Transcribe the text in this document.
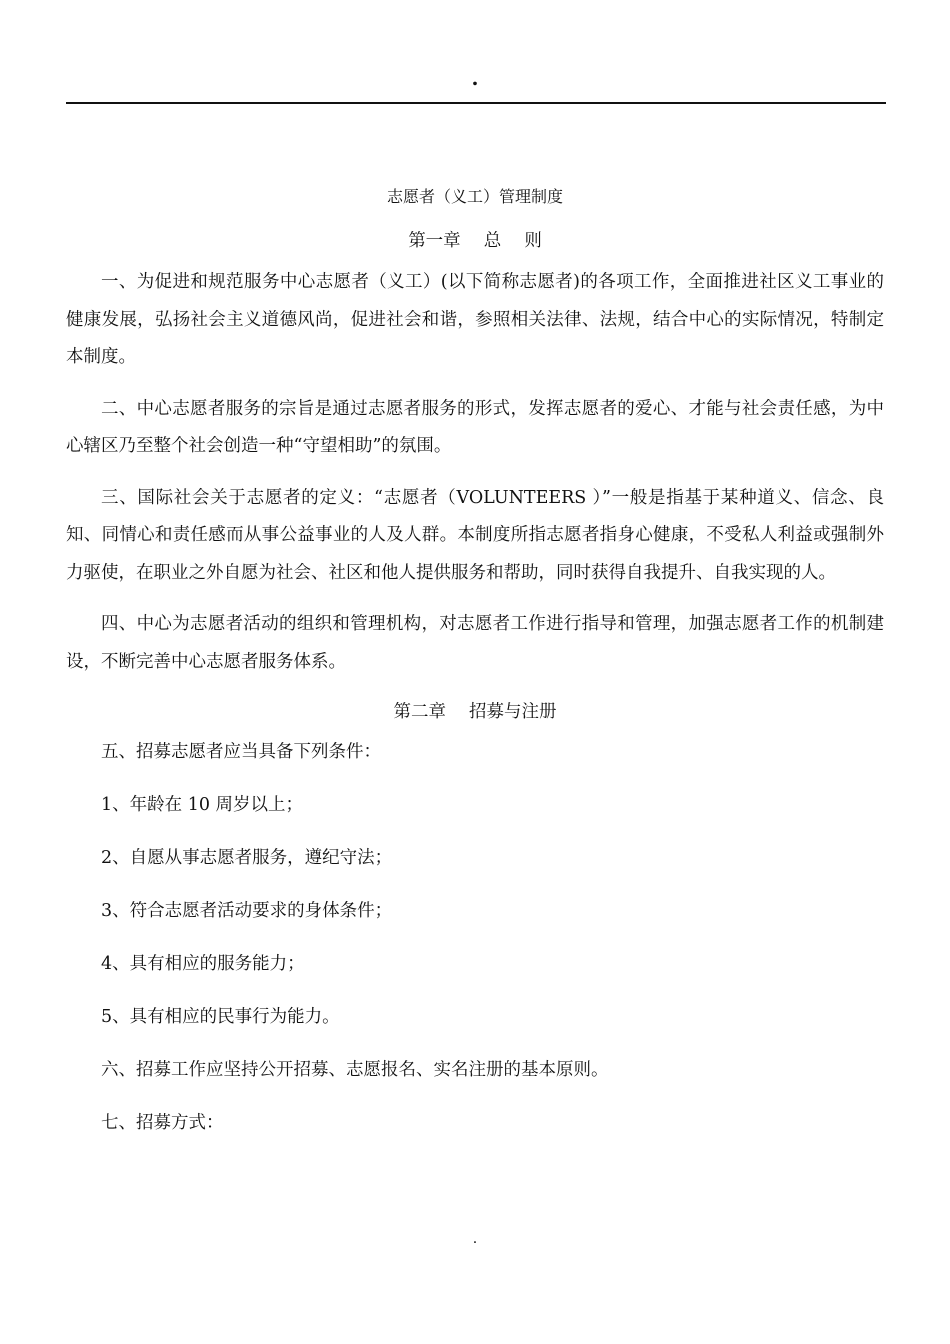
.
志愿者（义工）管理制度
第一章　 总　 则

一、为促进和规范服务中心志愿者（义工）(以下简称志愿者)的各项工作，全面推进社区义工事业的健康发展，弘扬社会主义道德风尚，促进社会和谐，参照相关法律、法规，结合中心的实际情况，特制定本制度。

二、中心志愿者服务的宗旨是通过志愿者服务的形式，发挥志愿者的爱心、才能与社会责任感，为中心辖区乃至整个社会创造一种“守望相助”的氛围。

三、国际社会关于志愿者的定义：“志愿者（VOLUNTEERS ）”一般是指基于某种道义、信念、良知、同情心和责任感而从事公益事业的人及人群。本制度所指志愿者指身心健康，不受私人利益或强制外力驱使，在职业之外自愿为社会、社区和他人提供服务和帮助，同时获得自我提升、自我实现的人。

四、中心为志愿者活动的组织和管理机构，对志愿者工作进行指导和管理，加强志愿者工作的机制建设，不断完善中心志愿者服务体系。

第二章　 招募与注册

五、招募志愿者应当具备下列条件：

1、年龄在 10 周岁以上；

2、自愿从事志愿者服务，遵纪守法；

3、符合志愿者活动要求的身体条件；

4、具有相应的服务能力；

5、具有相应的民事行为能力。

六、招募工作应坚持公开招募、志愿报名、实名注册的基本原则。

七、招募方式：

.
